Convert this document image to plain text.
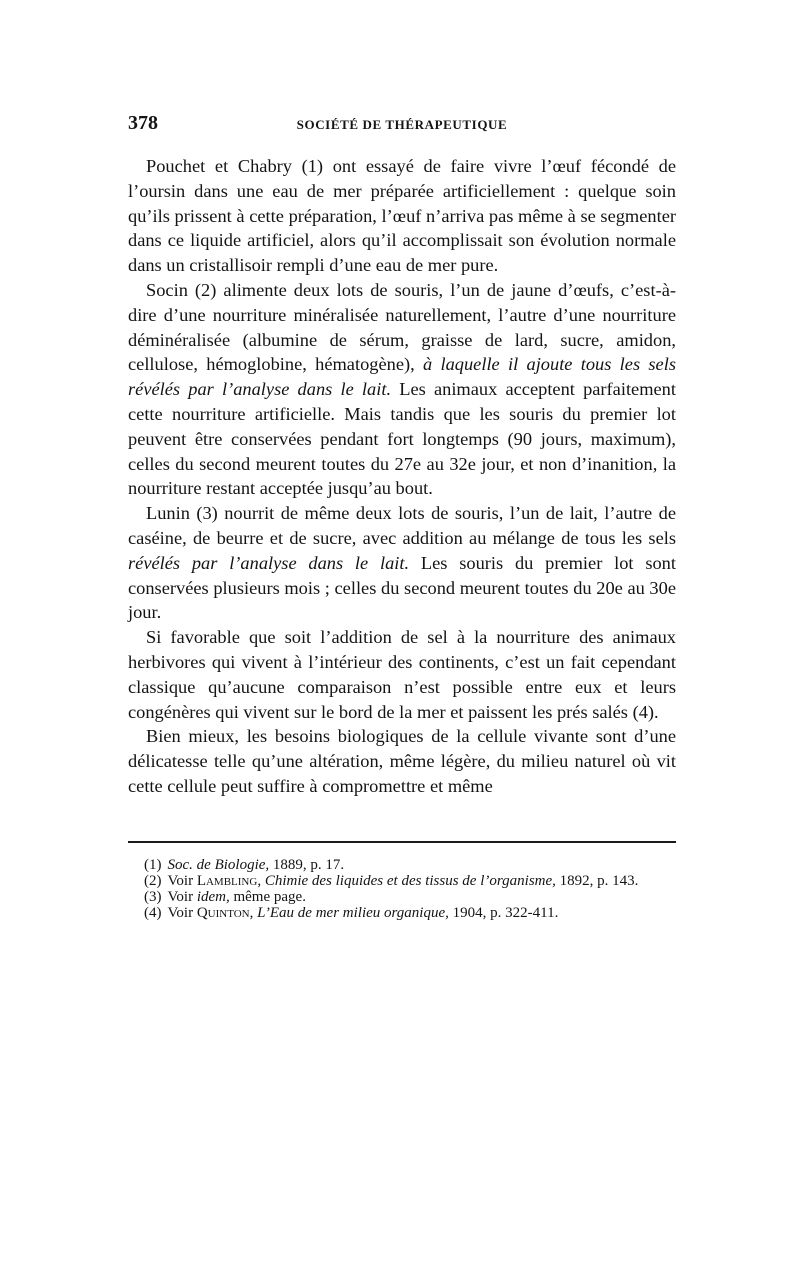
378	SOCIÉTÉ DE THÉRAPEUTIQUE

Pouchet et Chabry (1) ont essayé de faire vivre l’œuf fécondé de l’oursin dans une eau de mer préparée artificiellement : quelque soin qu’ils prissent à cette préparation, l’œuf n’arriva pas même à se segmenter dans ce liquide artificiel, alors qu’il accomplissait son évolution normale dans un cristallisoir rempli d’une eau de mer pure.

Socin (2) alimente deux lots de souris, l’un de jaune d’œufs, c’est-à-dire d’une nourriture minéralisée naturellement, l’autre d’une nourriture déminéralisée (albumine de sérum, graisse de lard, sucre, amidon, cellulose, hémoglobine, hématogène), à laquelle il ajoute tous les sels révélés par l’analyse dans le lait. Les animaux acceptent parfaitement cette nourriture artificielle. Mais tandis que les souris du premier lot peuvent être conservées pendant fort longtemps (90 jours, maximum), celles du second meurent toutes du 27e au 32e jour, et non d’inanition, la nourriture restant acceptée jusqu’au bout.

Lunin (3) nourrit de même deux lots de souris, l’un de lait, l’autre de caséine, de beurre et de sucre, avec addition au mélange de tous les sels révélés par l’analyse dans le lait. Les souris du premier lot sont conservées plusieurs mois ; celles du second meurent toutes du 20e au 30e jour.

Si favorable que soit l’addition de sel à la nourriture des animaux herbivores qui vivent à l’intérieur des continents, c’est un fait cependant classique qu’aucune comparaison n’est possible entre eux et leurs congénères qui vivent sur le bord de la mer et paissent les prés salés (4).

Bien mieux, les besoins biologiques de la cellule vivante sont d’une délicatesse telle qu’une altération, même légère, du milieu naturel où vit cette cellule peut suffire à compromettre et même

(1) Soc. de Biologie, 1889, p. 17.

(2) Voir Lambling, Chimie des liquides et des tissus de l’organisme, 1892, p. 143.

(3) Voir idem, même page.

(4) Voir Quinton, L’Eau de mer milieu organique, 1904, p. 322-411.
